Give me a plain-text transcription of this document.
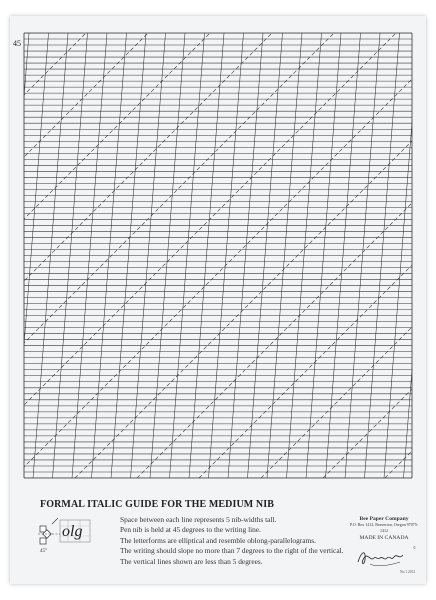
45
FORMAL ITALIC GUIDE FOR THE MEDIUM NIB
olg
45°
Space between each line represents 5 nib-widths tall.
Pen nib is held at 45 degrees to the writing line.
The letterforms are elliptical and resemble oblong-parallelograms.
The writing should slope no more than 7 degrees to the right of the vertical.
The vertical lines shown are less than 5 degrees.
Bee Paper Company
P.O. Box 1412, Beaverton, Oregon 97075-1412
MADE IN CANADA
©
No.1 2012
